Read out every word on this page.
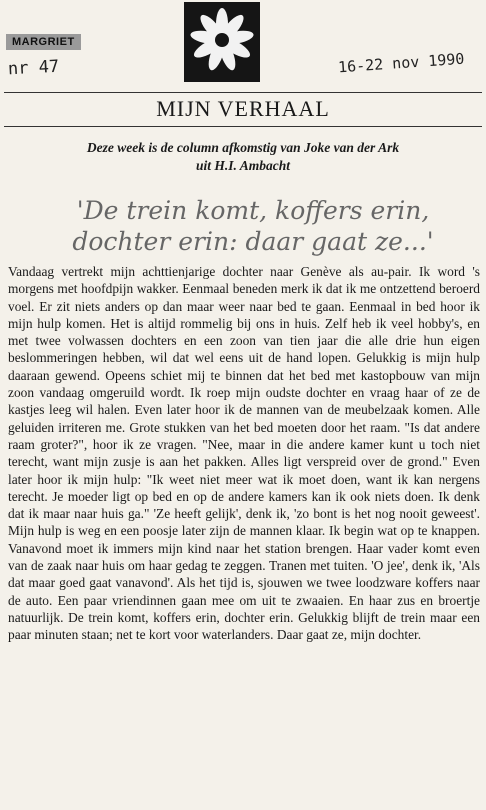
MARGRIET
nr 47	16-22 nov 1990
MIJN VERHAAL
Deze week is de column afkomstig van Joke van der Ark
uit H.I. Ambacht
'De trein komt, koffers erin,
dochter erin: daar gaat ze...'

Vandaag vertrekt mijn achttienjarige dochter naar Genève als au-pair. Ik word 's morgens met hoofdpijn wakker. Eenmaal beneden merk ik dat ik me ontzettend beroerd voel. Er zit niets anders op dan maar weer naar bed te gaan. Eenmaal in bed hoor ik mijn hulp komen. Het is altijd rommelig bij ons in huis. Zelf heb ik veel hobby's, en met twee volwassen dochters en een zoon van tien jaar die alle drie hun eigen beslommeringen hebben, wil dat wel eens uit de hand lopen. Gelukkig is mijn hulp daaraan gewend. Opeens schiet mij te binnen dat het bed met kastopbouw van mijn zoon vandaag omgeruild wordt. Ik roep mijn oudste dochter en vraag haar of ze de kastjes leeg wil halen. Even later hoor ik de mannen van de meubelzaak komen. Alle geluiden irriteren me. Grote stukken van het bed moeten door het raam. "Is dat andere raam groter?", hoor ik ze vragen. "Nee, maar in die andere kamer kunt u toch niet terecht, want mijn zusje is aan het pakken. Alles ligt verspreid over de grond." Even later hoor ik mijn hulp: "Ik weet niet meer wat ik moet doen, want ik kan nergens terecht. Je moeder ligt op bed en op de andere kamers kan ik ook niets doen. Ik denk dat ik maar naar huis ga." 'Ze heeft gelijk', denk ik, 'zo bont is het nog nooit geweest'. Mijn hulp is weg en een poosje later zijn de mannen klaar. Ik begin wat op te knappen. Vanavond moet ik immers mijn kind naar het station brengen. Haar vader komt even van de zaak naar huis om haar gedag te zeggen. Tranen met tuiten. 'O jee', denk ik, 'Als dat maar goed gaat vanavond'. Als het tijd is, sjouwen we twee loodzware koffers naar de auto. Een paar vriendinnen gaan mee om uit te zwaaien. En haar zus en broertje natuurlijk. De trein komt, koffers erin, dochter erin. Gelukkig blijft de trein maar een paar minuten staan; net te kort voor waterlanders. Daar gaat ze, mijn dochter.
